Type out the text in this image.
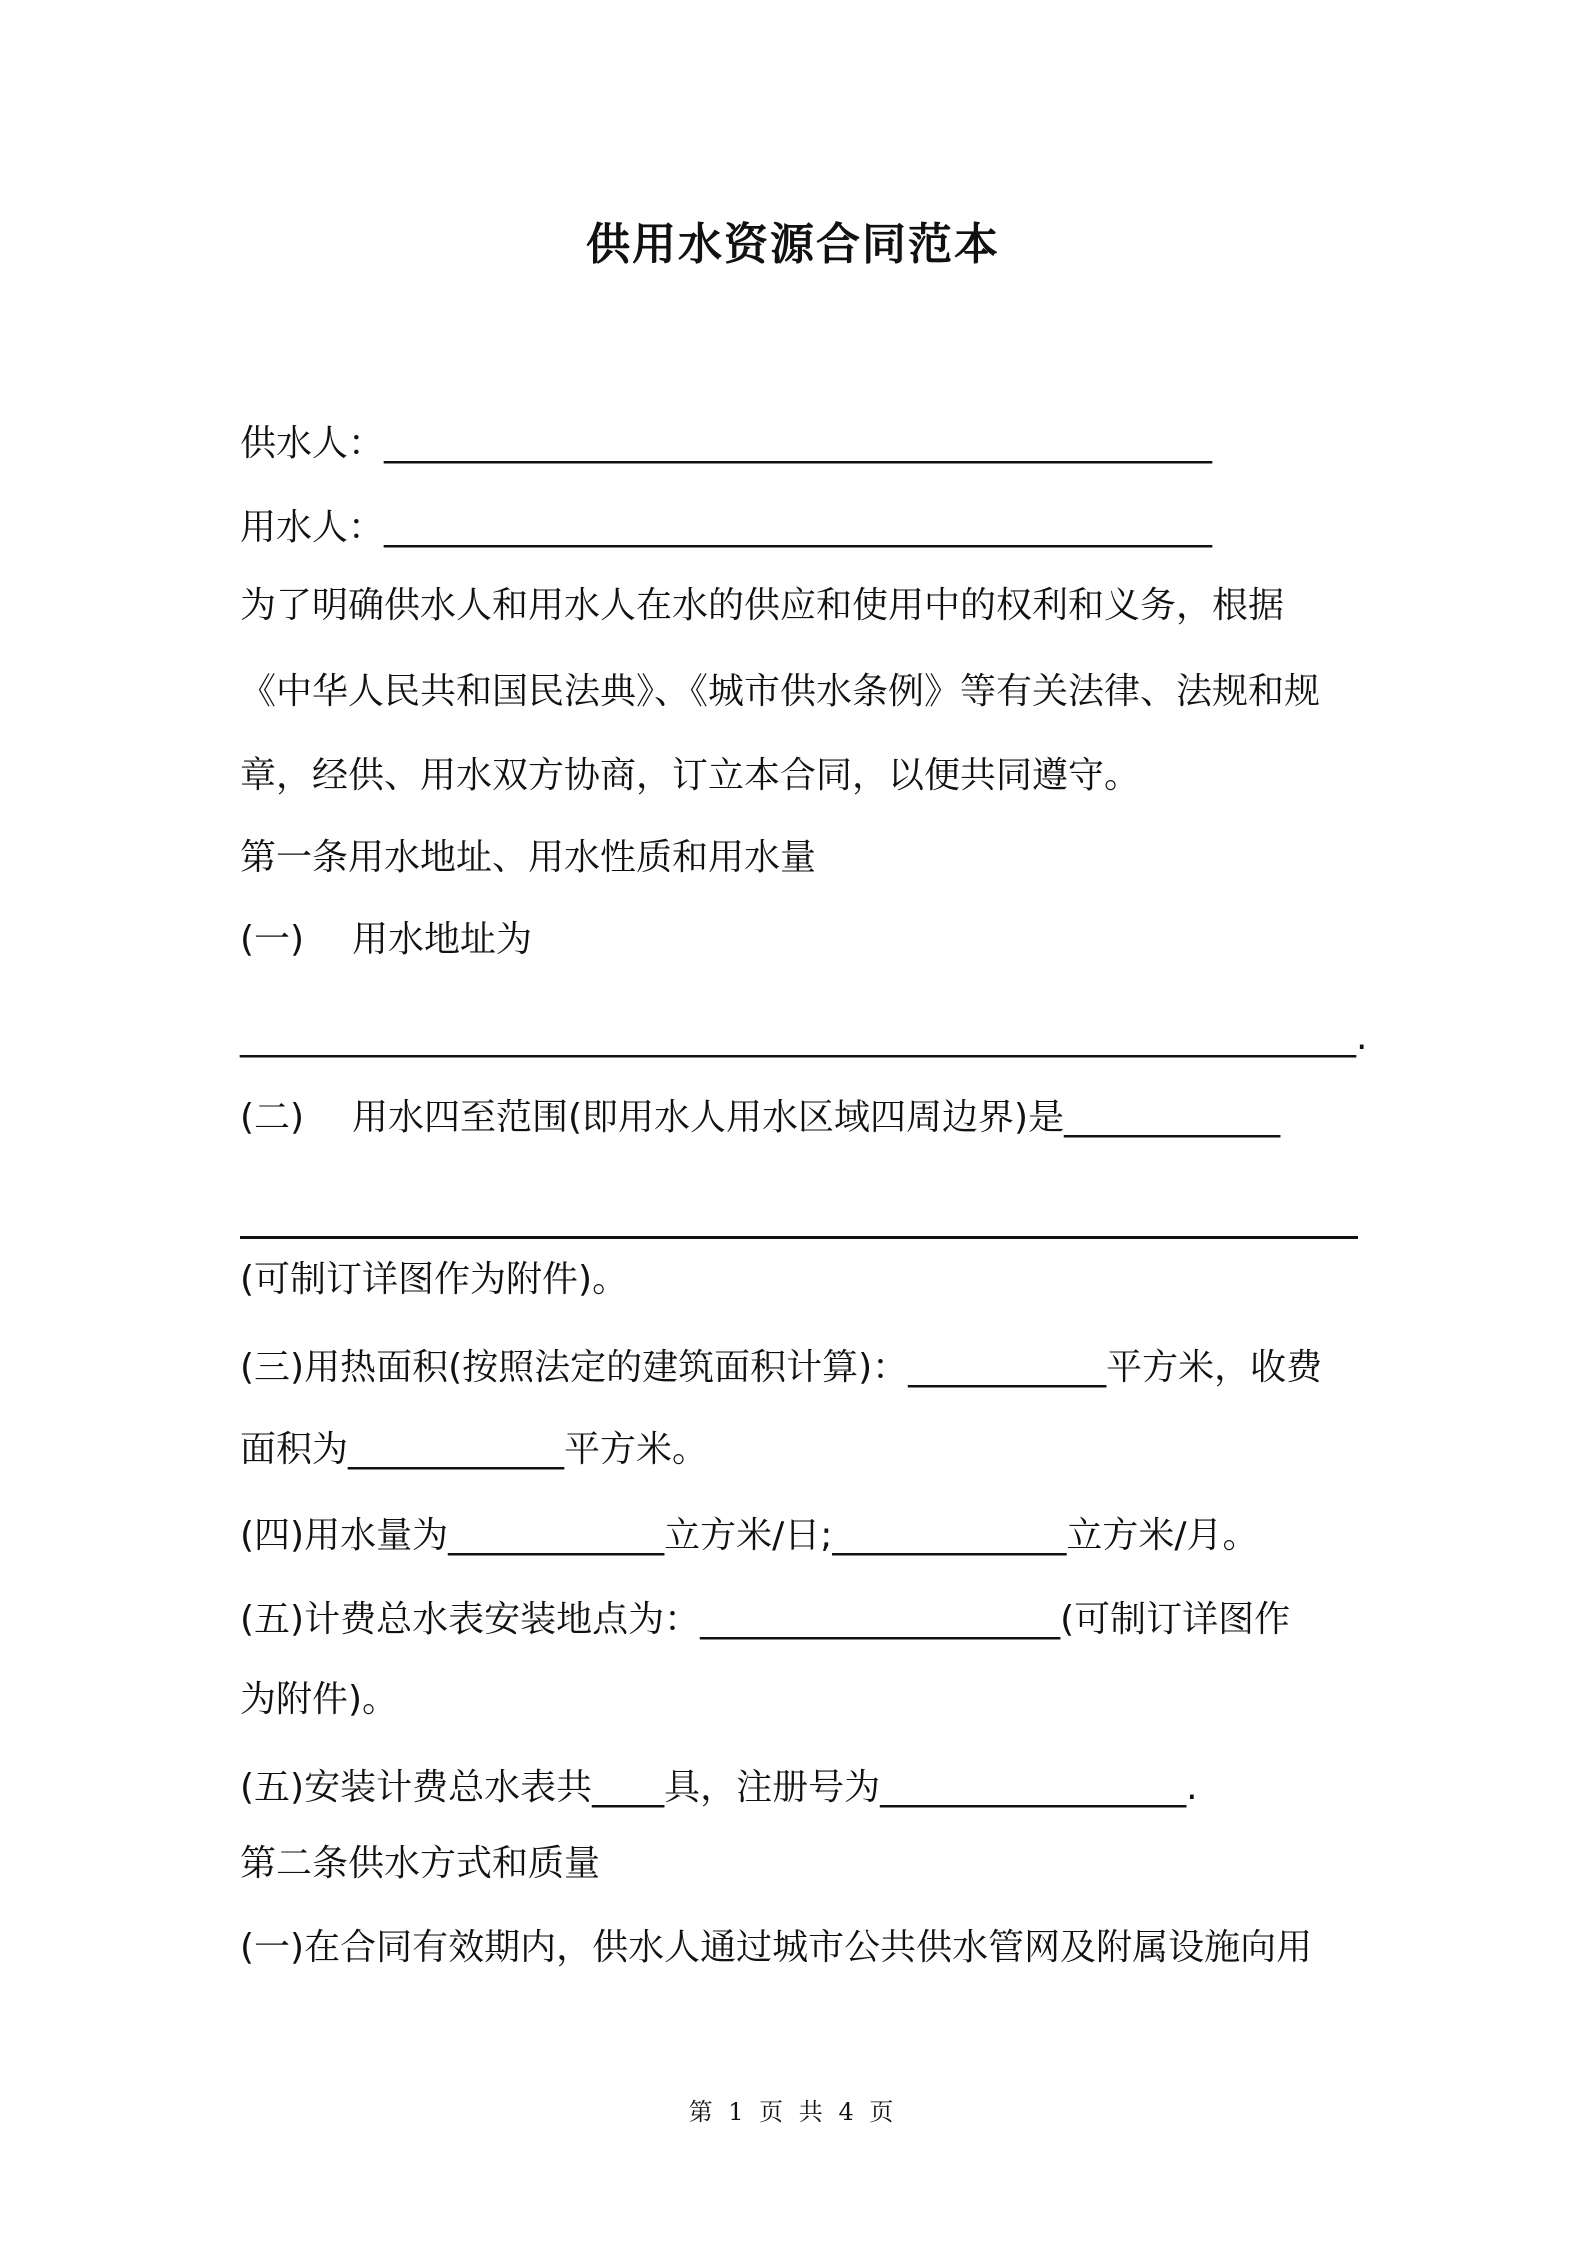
供用水资源合同范本
供水人：______________________________________________
用水人：______________________________________________
为了明确供水人和用水人在水的供应和使用中的权利和义务，根据
《中华人民共和国民法典》、《城市供水条例》等有关法律、法规和规
章，经供、用水双方协商，订立本合同，以便共同遵守。
第一条用水地址、用水性质和用水量
(一) 用水地址为
______________________________________________________________.
(二) 用水四至范围(即用水人用水区域四周边界)是____________
(可制订详图作为附件)。
(三)用热面积(按照法定的建筑面积计算)：___________平方米，收费
面积为____________平方米。
(四)用水量为____________立方米/日;_____________立方米/月。
(五)计费总水表安装地点为：____________________(可制订详图作
为附件)。
(五)安装计费总水表共____具，注册号为_________________.
第二条供水方式和质量
(一)在合同有效期内，供水人通过城市公共供水管网及附属设施向用
第 1 页 共 4 页
